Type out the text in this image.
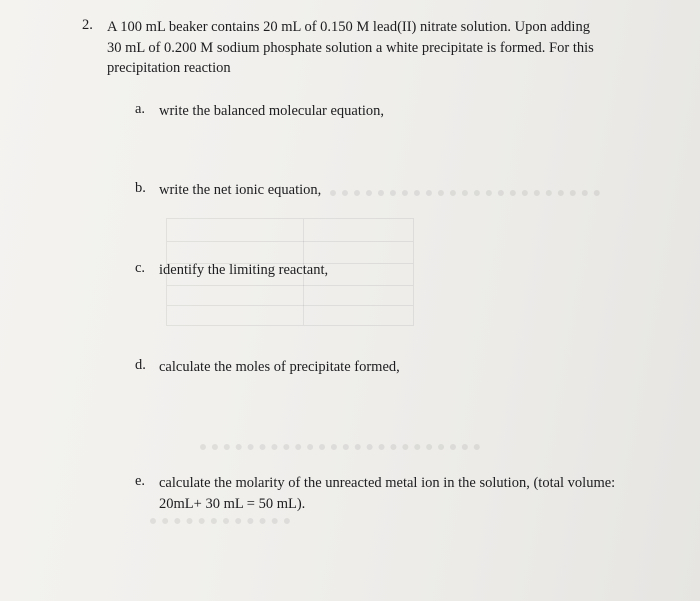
2. A 100 mL beaker contains 20 mL of 0.150 M lead(II) nitrate solution. Upon adding
30 mL of 0.200 M sodium phosphate solution a white precipitate is formed. For this
precipitation reaction
a. write the balanced molecular equation,
b. write the net ionic equation,
c. identify the limiting reactant,
d. calculate the moles of precipitate formed,
e. calculate the molarity of the unreacted metal ion in the solution, (total volume:
20mL+ 30 mL = 50 mL).
